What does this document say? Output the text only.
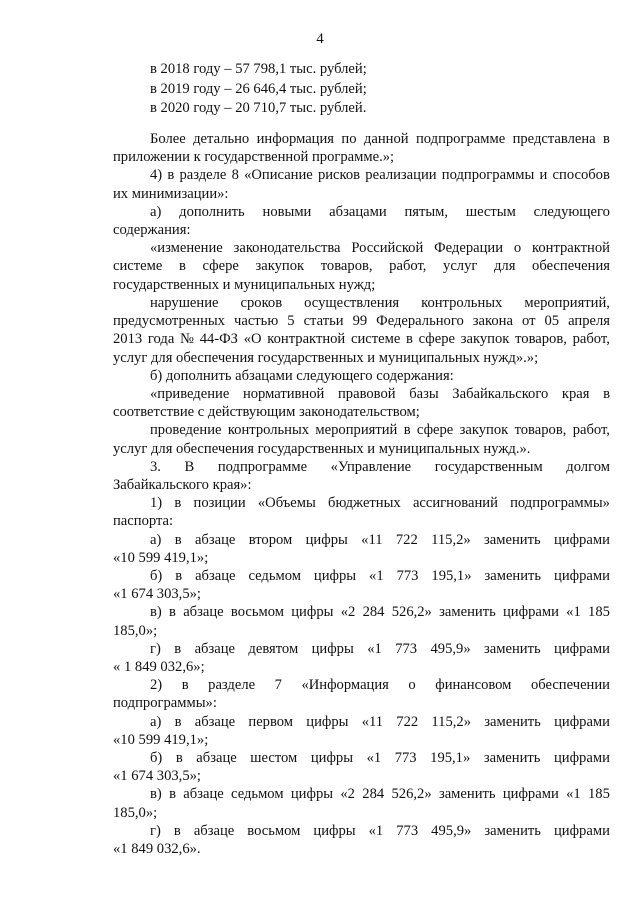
4
в 2018 году – 57 798,1 тыс. рублей;
в 2019 году – 26 646,4 тыс. рублей;
в 2020 году – 20 710,7 тыс. рублей.
Более детально информация по данной подпрограмме представлена в
приложении к государственной программе.»;
4) в разделе 8 «Описание рисков реализации подпрограммы и способов
их минимизации»:
а) дополнить новыми абзацами пятым, шестым следующего
содержания:
«изменение законодательства Российской Федерации о контрактной
системе в сфере закупок товаров, работ, услуг для обеспечения
государственных и муниципальных нужд;
нарушение сроков осуществления контрольных мероприятий,
предусмотренных частью 5 статьи 99 Федерального закона от 05 апреля
2013 года № 44-ФЗ «О контрактной системе в сфере закупок товаров, работ,
услуг для обеспечения государственных и муниципальных нужд».»;
б) дополнить абзацами следующего содержания:
«приведение нормативной правовой базы Забайкальского края в
соответствие с действующим законодательством;
проведение контрольных мероприятий в сфере закупок товаров, работ,
услуг для обеспечения государственных и муниципальных нужд.».
3. В подпрограмме «Управление государственным долгом
Забайкальского края»:
1) в позиции «Объемы бюджетных ассигнований подпрограммы»
паспорта:
а) в абзаце втором цифры «11 722 115,2» заменить цифрами
«10 599 419,1»;
б) в абзаце седьмом цифры «1 773 195,1» заменить цифрами
«1 674 303,5»;
в) в абзаце восьмом цифры «2 284 526,2» заменить цифрами «1 185
185,0»;
г) в абзаце девятом цифры «1 773 495,9» заменить цифрами
« 1 849 032,6»;
2) в разделе 7 «Информация о финансовом обеспечении
подпрограммы»:
а) в абзаце первом цифры «11 722 115,2» заменить цифрами
«10 599 419,1»;
б) в абзаце шестом цифры «1 773 195,1» заменить цифрами
«1 674 303,5»;
в) в абзаце седьмом цифры «2 284 526,2» заменить цифрами «1 185
185,0»;
г) в абзаце восьмом цифры «1 773 495,9» заменить цифрами
«1 849 032,6».
